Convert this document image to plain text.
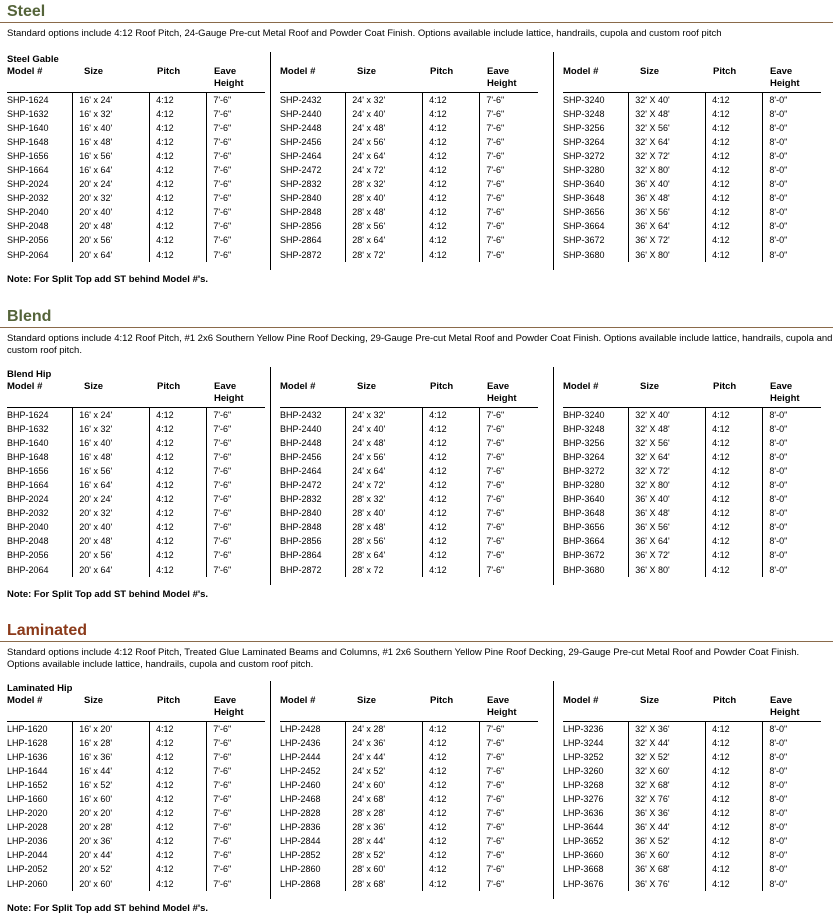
Steel

Standard options include 4:12 Roof Pitch, 24-Gauge Pre-cut Metal Roof and Powder Coat Finish. Options available include lattice, handrails, cupola and custom roof pitch

Steel Gable
Model #	Size	Pitch	Eave
Height
SHP-1624	16' x 24'	4:12	7'-6"
SHP-1632	16' x 32'	4:12	7'-6"
SHP-1640	16' x 40'	4:12	7'-6"
SHP-1648	16' x 48'	4:12	7'-6"
SHP-1656	16' x 56'	4:12	7'-6"
SHP-1664	16' x 64'	4:12	7'-6"
SHP-2024	20' x 24'	4:12	7'-6"
SHP-2032	20' x 32'	4:12	7'-6"
SHP-2040	20' x 40'	4:12	7'-6"
SHP-2048	20' x 48'	4:12	7'-6"
SHP-2056	20' x 56'	4:12	7'-6"
SHP-2064	20' x 64'	4:12	7'-6"
Model #	Size	Pitch	Eave
Height
SHP-2432	24' x 32'	4:12	7'-6"
SHP-2440	24' x 40'	4:12	7'-6"
SHP-2448	24' x 48'	4:12	7'-6"
SHP-2456	24' x 56'	4:12	7'-6"
SHP-2464	24' x 64'	4:12	7'-6"
SHP-2472	24' x 72'	4:12	7'-6"
SHP-2832	28' x 32'	4:12	7'-6"
SHP-2840	28' x 40'	4:12	7'-6"
SHP-2848	28' x 48'	4:12	7'-6"
SHP-2856	28' x 56'	4:12	7'-6"
SHP-2864	28' x 64'	4:12	7'-6"
SHP-2872	28' x 72'	4:12	7'-6"
Model #	Size	Pitch	Eave
Height
SHP-3240	32' X 40'	4:12	8'-0"
SHP-3248	32' X 48'	4:12	8'-0"
SHP-3256	32' X 56'	4:12	8'-0"
SHP-3264	32' X 64'	4:12	8'-0"
SHP-3272	32' X 72'	4:12	8'-0"
SHP-3280	32' X 80'	4:12	8'-0"
SHP-3640	36' X 40'	4:12	8'-0"
SHP-3648	36' X 48'	4:12	8'-0"
SHP-3656	36' X 56'	4:12	8'-0"
SHP-3664	36' X 64'	4:12	8'-0"
SHP-3672	36' X 72'	4:12	8'-0"
SHP-3680	36' X 80'	4:12	8'-0"

Note: For Split Top add ST behind Model #'s.

Blend

Standard options include 4:12 Roof Pitch, #1 2x6 Southern Yellow Pine Roof Decking, 29-Gauge Pre-cut Metal Roof and Powder Coat Finish. Options available include lattice, handrails, cupola and custom roof pitch.

Blend Hip
Model #	Size	Pitch	Eave
Height
BHP-1624	16' x 24'	4:12	7'-6"
BHP-1632	16' x 32'	4:12	7'-6"
BHP-1640	16' x 40'	4:12	7'-6"
BHP-1648	16' x 48'	4:12	7'-6"
BHP-1656	16' x 56'	4:12	7'-6"
BHP-1664	16' x 64'	4:12	7'-6"
BHP-2024	20' x 24'	4:12	7'-6"
BHP-2032	20' x 32'	4:12	7'-6"
BHP-2040	20' x 40'	4:12	7'-6"
BHP-2048	20' x 48'	4:12	7'-6"
BHP-2056	20' x 56'	4:12	7'-6"
BHP-2064	20' x 64'	4:12	7'-6"
Model #	Size	Pitch	Eave
Height
BHP-2432	24' x 32'	4:12	7'-6"
BHP-2440	24' x 40'	4:12	7'-6"
BHP-2448	24' x 48'	4:12	7'-6"
BHP-2456	24' x 56'	4:12	7'-6"
BHP-2464	24' x 64'	4:12	7'-6"
BHP-2472	24' x 72'	4:12	7'-6"
BHP-2832	28' x 32'	4:12	7'-6"
BHP-2840	28' x 40'	4:12	7'-6"
BHP-2848	28' x 48'	4:12	7'-6"
BHP-2856	28' x 56'	4:12	7'-6"
BHP-2864	28' x 64'	4:12	7'-6"
BHP-2872	28' x 72	4:12	7'-6"
Model #	Size	Pitch	Eave
Height
BHP-3240	32' X 40'	4:12	8'-0"
BHP-3248	32' X 48'	4:12	8'-0"
BHP-3256	32' X 56'	4:12	8'-0"
BHP-3264	32' X 64'	4:12	8'-0"
BHP-3272	32' X 72'	4:12	8'-0"
BHP-3280	32' X 80'	4:12	8'-0"
BHP-3640	36' X 40'	4:12	8'-0"
BHP-3648	36' X 48'	4:12	8'-0"
BHP-3656	36' X 56'	4:12	8'-0"
BHP-3664	36' X 64'	4:12	8'-0"
BHP-3672	36' X 72'	4:12	8'-0"
BHP-3680	36' X 80'	4:12	8'-0"

Note: For Split Top add ST behind Model #'s.

Laminated

Standard options include 4:12 Roof Pitch, Treated Glue Laminated Beams and Columns, #1 2x6 Southern Yellow Pine Roof Decking, 29-Gauge Pre-cut Metal Roof and Powder Coat Finish. Options available include lattice, handrails, cupola and custom roof pitch.

Laminated Hip
Model #	Size	Pitch	Eave
Height
LHP-1620	16' x 20'	4:12	7'-6"
LHP-1628	16' x 28'	4:12	7'-6"
LHP-1636	16' x 36'	4:12	7'-6"
LHP-1644	16' x 44'	4:12	7'-6"
LHP-1652	16' x 52'	4:12	7'-6"
LHP-1660	16' x 60'	4:12	7'-6"
LHP-2020	20' x 20'	4:12	7'-6"
LHP-2028	20' x 28'	4:12	7'-6"
LHP-2036	20' x 36'	4:12	7'-6"
LHP-2044	20' x 44'	4:12	7'-6"
LHP-2052	20' x 52'	4:12	7'-6"
LHP-2060	20' x 60'	4:12	7'-6"
Model #	Size	Pitch	Eave
Height
LHP-2428	24' x 28'	4:12	7'-6"
LHP-2436	24' x 36'	4:12	7'-6"
LHP-2444	24' x 44'	4:12	7'-6"
LHP-2452	24' x 52'	4:12	7'-6"
LHP-2460	24' x 60'	4:12	7'-6"
LHP-2468	24' x 68'	4:12	7'-6"
LHP-2828	28' x 28'	4:12	7'-6"
LHP-2836	28' x 36'	4:12	7'-6"
LHP-2844	28' x 44'	4:12	7'-6"
LHP-2852	28' x 52'	4:12	7'-6"
LHP-2860	28' x 60'	4:12	7'-6"
LHP-2868	28' x 68'	4:12	7'-6"
Model #	Size	Pitch	Eave
Height
LHP-3236	32' X 36'	4:12	8'-0"
LHP-3244	32' X 44'	4:12	8'-0"
LHP-3252	32' X 52'	4:12	8'-0"
LHP-3260	32' X 60'	4:12	8'-0"
LHP-3268	32' X 68'	4:12	8'-0"
LHP-3276	32' X 76'	4:12	8'-0"
LHP-3636	36' X 36'	4:12	8'-0"
LHP-3644	36' X 44'	4:12	8'-0"
LHP-3652	36' X 52'	4:12	8'-0"
LHP-3660	36' X 60'	4:12	8'-0"
LHP-3668	36' X 68'	4:12	8'-0"
LHP-3676	36' X 76'	4:12	8'-0"

Note: For Split Top add ST behind Model #'s.
